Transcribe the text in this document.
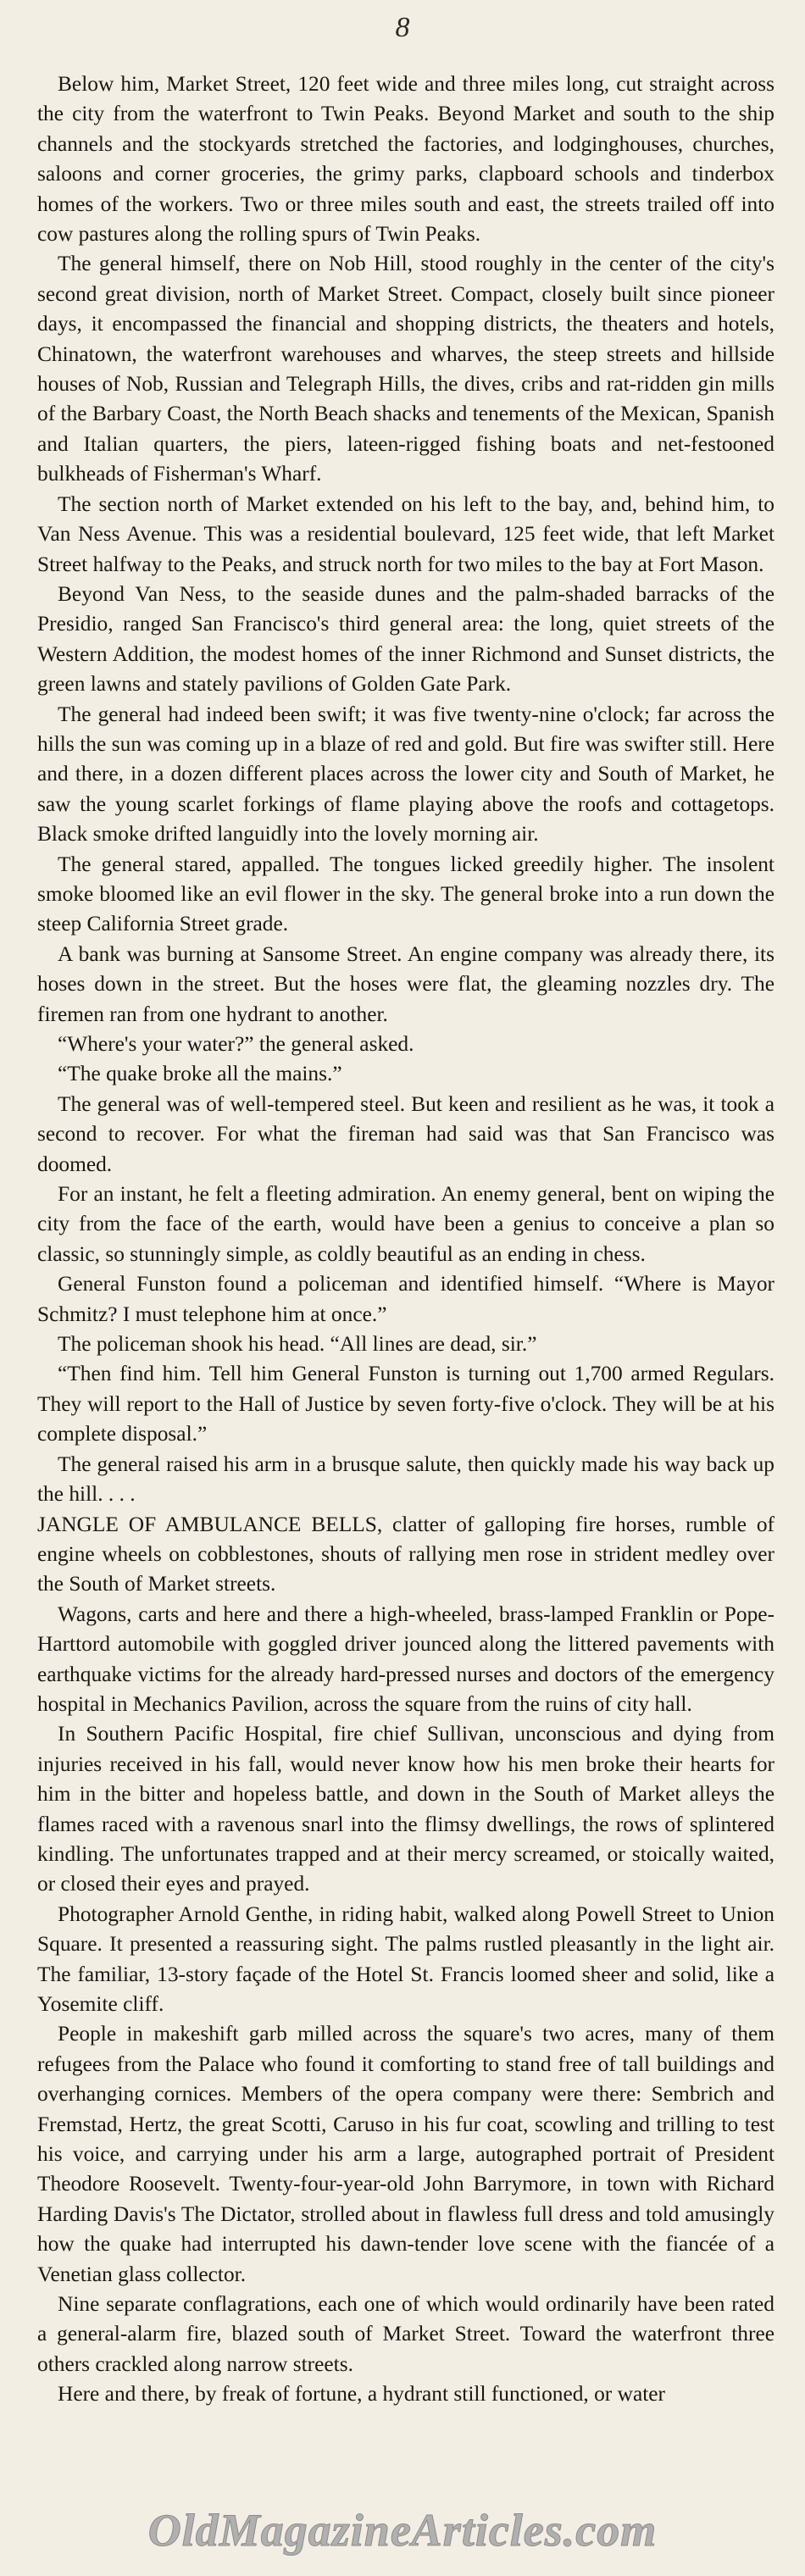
8

Below him, Market Street, 120 feet wide and three miles long, cut straight across the city from the waterfront to Twin Peaks. Beyond Market and south to the ship channels and the stockyards stretched the factories, and lodginghouses, churches, saloons and corner groceries, the grimy parks, clapboard schools and tinderbox homes of the workers. Two or three miles south and east, the streets trailed off into cow pastures along the rolling spurs of Twin Peaks.

The general himself, there on Nob Hill, stood roughly in the center of the city's second great division, north of Market Street. Compact, closely built since pioneer days, it encompassed the financial and shopping districts, the theaters and hotels, Chinatown, the waterfront warehouses and wharves, the steep streets and hillside houses of Nob, Russian and Telegraph Hills, the dives, cribs and rat-ridden gin mills of the Barbary Coast, the North Beach shacks and tenements of the Mexican, Spanish and Italian quarters, the piers, lateen-rigged fishing boats and net-festooned bulkheads of Fisherman's Wharf.

The section north of Market extended on his left to the bay, and, behind him, to Van Ness Avenue. This was a residential boulevard, 125 feet wide, that left Market Street halfway to the Peaks, and struck north for two miles to the bay at Fort Mason.

Beyond Van Ness, to the seaside dunes and the palm-shaded barracks of the Presidio, ranged San Francisco's third general area: the long, quiet streets of the Western Addition, the modest homes of the inner Richmond and Sunset districts, the green lawns and stately pavilions of Golden Gate Park.

The general had indeed been swift; it was five twenty-nine o'clock; far across the hills the sun was coming up in a blaze of red and gold. But fire was swifter still. Here and there, in a dozen different places across the lower city and South of Market, he saw the young scarlet forkings of flame playing above the roofs and cottagetops. Black smoke drifted languidly into the lovely morning air.

The general stared, appalled. The tongues licked greedily higher. The insolent smoke bloomed like an evil flower in the sky. The general broke into a run down the steep California Street grade.

A bank was burning at Sansome Street. An engine company was already there, its hoses down in the street. But the hoses were flat, the gleaming nozzles dry. The firemen ran from one hydrant to another.

“Where's your water?” the general asked.

“The quake broke all the mains.”

The general was of well-tempered steel. But keen and resilient as he was, it took a second to recover. For what the fireman had said was that San Francisco was doomed.

For an instant, he felt a fleeting admiration. An enemy general, bent on wiping the city from the face of the earth, would have been a genius to conceive a plan so classic, so stunningly simple, as coldly beautiful as an ending in chess.

General Funston found a policeman and identified himself. “Where is Mayor Schmitz? I must telephone him at once.”

The policeman shook his head. “All lines are dead, sir.”

“Then find him. Tell him General Funston is turning out 1,700 armed Regulars. They will report to the Hall of Justice by seven forty-five o'clock. They will be at his complete disposal.”

The general raised his arm in a brusque salute, then quickly made his way back up the hill. . . .

JANGLE OF AMBULANCE BELLS, clatter of galloping fire horses, rumble of engine wheels on cobblestones, shouts of rallying men rose in strident medley over the South of Market streets.

Wagons, carts and here and there a high-wheeled, brass-lamped Franklin or Pope-Harttord automobile with goggled driver jounced along the littered pavements with earthquake victims for the already hard-pressed nurses and doctors of the emergency hospital in Mechanics Pavilion, across the square from the ruins of city hall.

In Southern Pacific Hospital, fire chief Sullivan, unconscious and dying from injuries received in his fall, would never know how his men broke their hearts for him in the bitter and hopeless battle, and down in the South of Market alleys the flames raced with a ravenous snarl into the flimsy dwellings, the rows of splintered kindling. The unfortunates trapped and at their mercy screamed, or stoically waited, or closed their eyes and prayed.

Photographer Arnold Genthe, in riding habit, walked along Powell Street to Union Square. It presented a reassuring sight. The palms rustled pleasantly in the light air. The familiar, 13-story façade of the Hotel St. Francis loomed sheer and solid, like a Yosemite cliff.

People in makeshift garb milled across the square's two acres, many of them refugees from the Palace who found it comforting to stand free of tall buildings and overhanging cornices. Members of the opera company were there: Sembrich and Fremstad, Hertz, the great Scotti, Caruso in his fur coat, scowling and trilling to test his voice, and carrying under his arm a large, autographed portrait of President Theodore Roosevelt. Twenty-four-year-old John Barrymore, in town with Richard Harding Davis's The Dictator, strolled about in flawless full dress and told amusingly how the quake had interrupted his dawn-tender love scene with the fiancée of a Venetian glass collector.

Nine separate conflagrations, each one of which would ordinarily have been rated a general-alarm fire, blazed south of Market Street. Toward the waterfront three others crackled along narrow streets.

Here and there, by freak of fortune, a hydrant still functioned, or water

OldMagazineArticles.com
